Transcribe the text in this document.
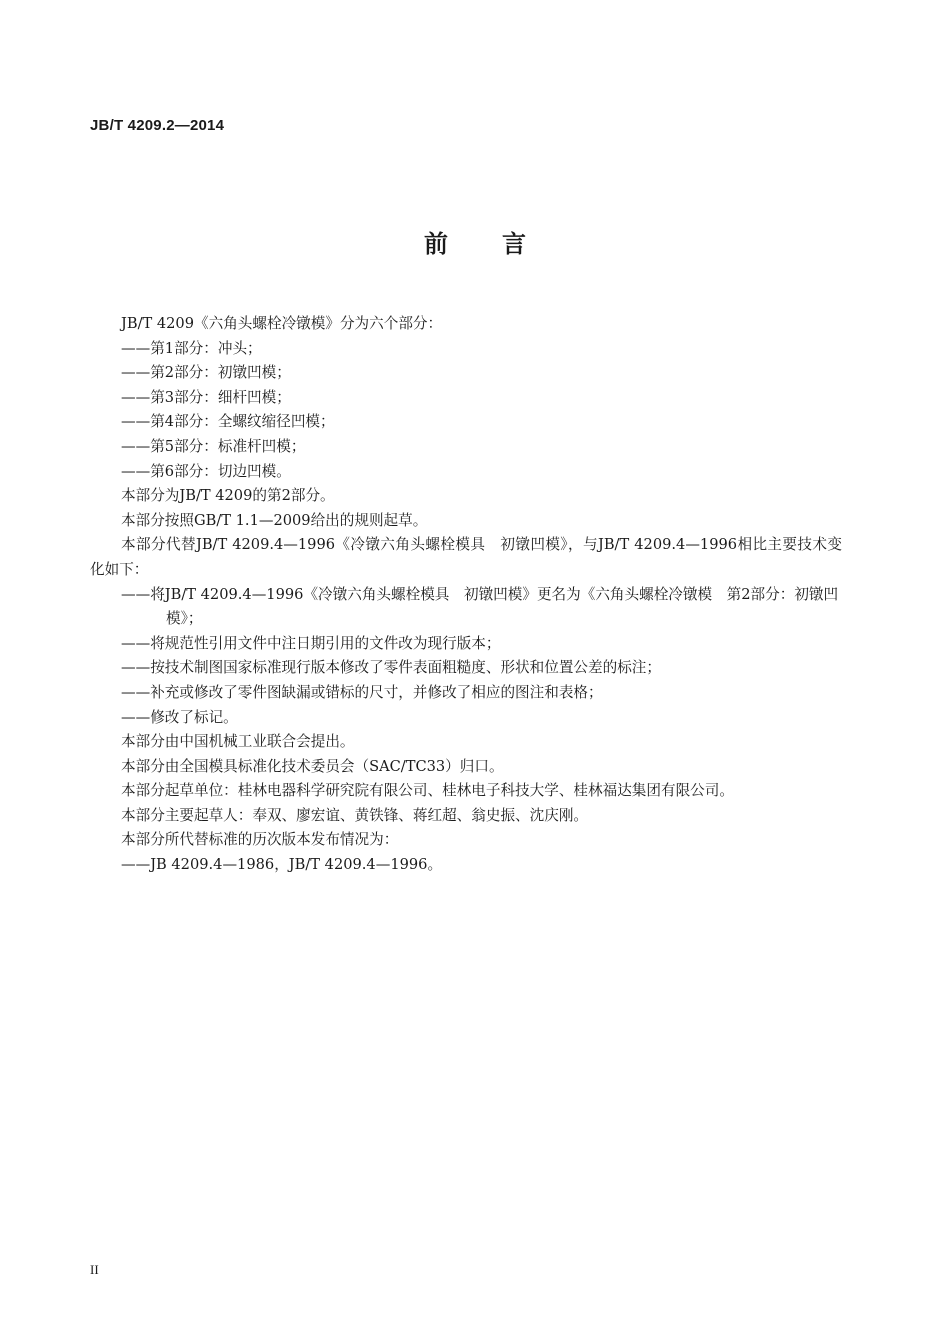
JB/T 4209.2—2014
前言

JB/T 4209《六角头螺栓冷镦模》分为六个部分：

——第1部分：冲头；

——第2部分：初镦凹模；

——第3部分：细杆凹模；

——第4部分：全螺纹缩径凹模；

——第5部分：标准杆凹模；

——第6部分：切边凹模。

本部分为JB/T 4209的第2部分。

本部分按照GB/T 1.1—2009给出的规则起草。

本部分代替JB/T 4209.4—1996《冷镦六角头螺栓模具　初镦凹模》，与JB/T 4209.4—1996相比主要技术变化如下：

——将JB/T 4209.4—1996《冷镦六角头螺栓模具　初镦凹模》更名为《六角头螺栓冷镦模　第2部分：初镦凹模》；

——将规范性引用文件中注日期引用的文件改为现行版本；

——按技术制图国家标准现行版本修改了零件表面粗糙度、形状和位置公差的标注；

——补充或修改了零件图缺漏或错标的尺寸，并修改了相应的图注和表格；

——修改了标记。

本部分由中国机械工业联合会提出。

本部分由全国模具标准化技术委员会（SAC/TC33）归口。

本部分起草单位：桂林电器科学研究院有限公司、桂林电子科技大学、桂林福达集团有限公司。

本部分主要起草人：奉双、廖宏谊、黄铁锋、蒋红超、翁史振、沈庆刚。

本部分所代替标准的历次版本发布情况为：

——JB 4209.4—1986，JB/T 4209.4—1996。

II
